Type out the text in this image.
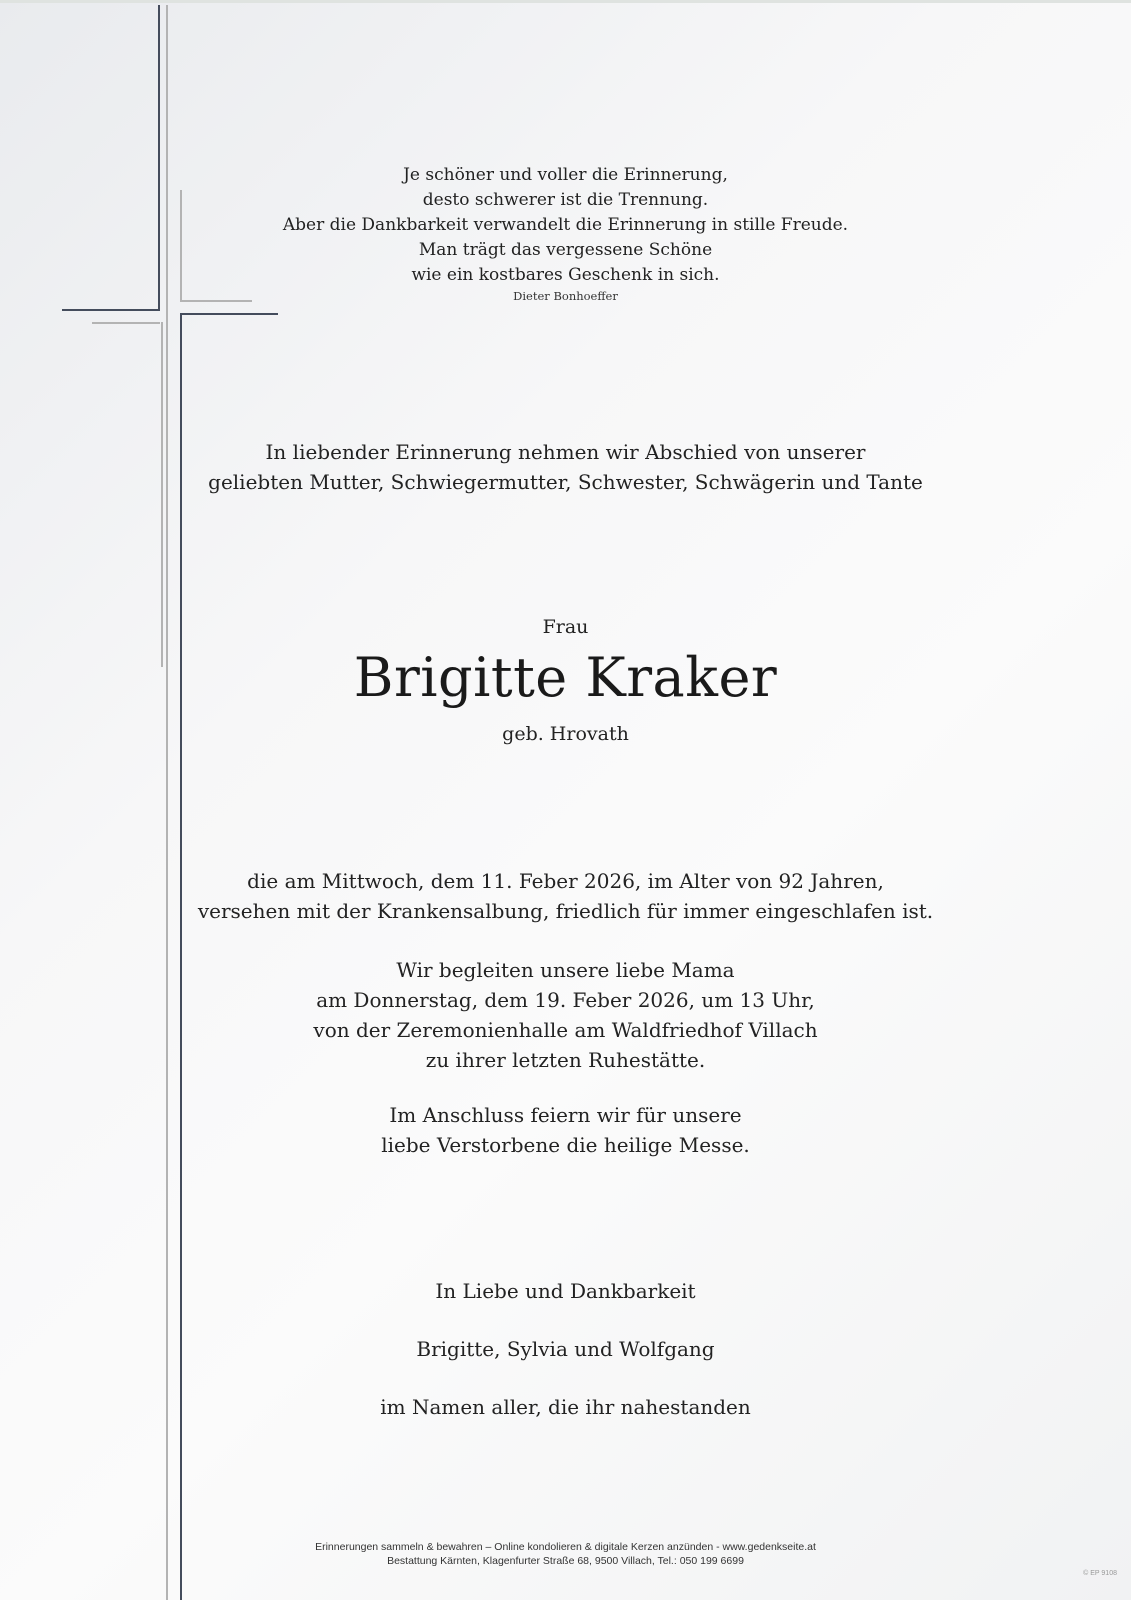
Je schöner und voller die Erinnerung,
desto schwerer ist die Trennung.
Aber die Dankbarkeit verwandelt die Erinnerung in stille Freude.
Man trägt das vergessene Schöne
wie ein kostbares Geschenk in sich.
Dieter Bonhoeffer
In liebender Erinnerung nehmen wir Abschied von unserer
geliebten Mutter, Schwiegermutter, Schwester, Schwägerin und Tante
Frau
Brigitte Kraker
geb. Hrovath
die am Mittwoch, dem 11. Feber 2026, im Alter von 92 Jahren,
versehen mit der Krankensalbung, friedlich für immer eingeschlafen ist.
Wir begleiten unsere liebe Mama
am Donnerstag, dem 19. Feber 2026, um 13 Uhr,
von der Zeremonienhalle am Waldfriedhof Villach
zu ihrer letzten Ruhestätte.
Im Anschluss feiern wir für unsere
liebe Verstorbene die heilige Messe.
In Liebe und Dankbarkeit
Brigitte, Sylvia und Wolfgang
im Namen aller, die ihr nahestanden
Erinnerungen sammeln & bewahren – Online kondolieren & digitale Kerzen anzünden - www.gedenkseite.at
Bestattung Kärnten, Klagenfurter Straße 68, 9500 Villach, Tel.: 050 199 6699
© EP 9108
